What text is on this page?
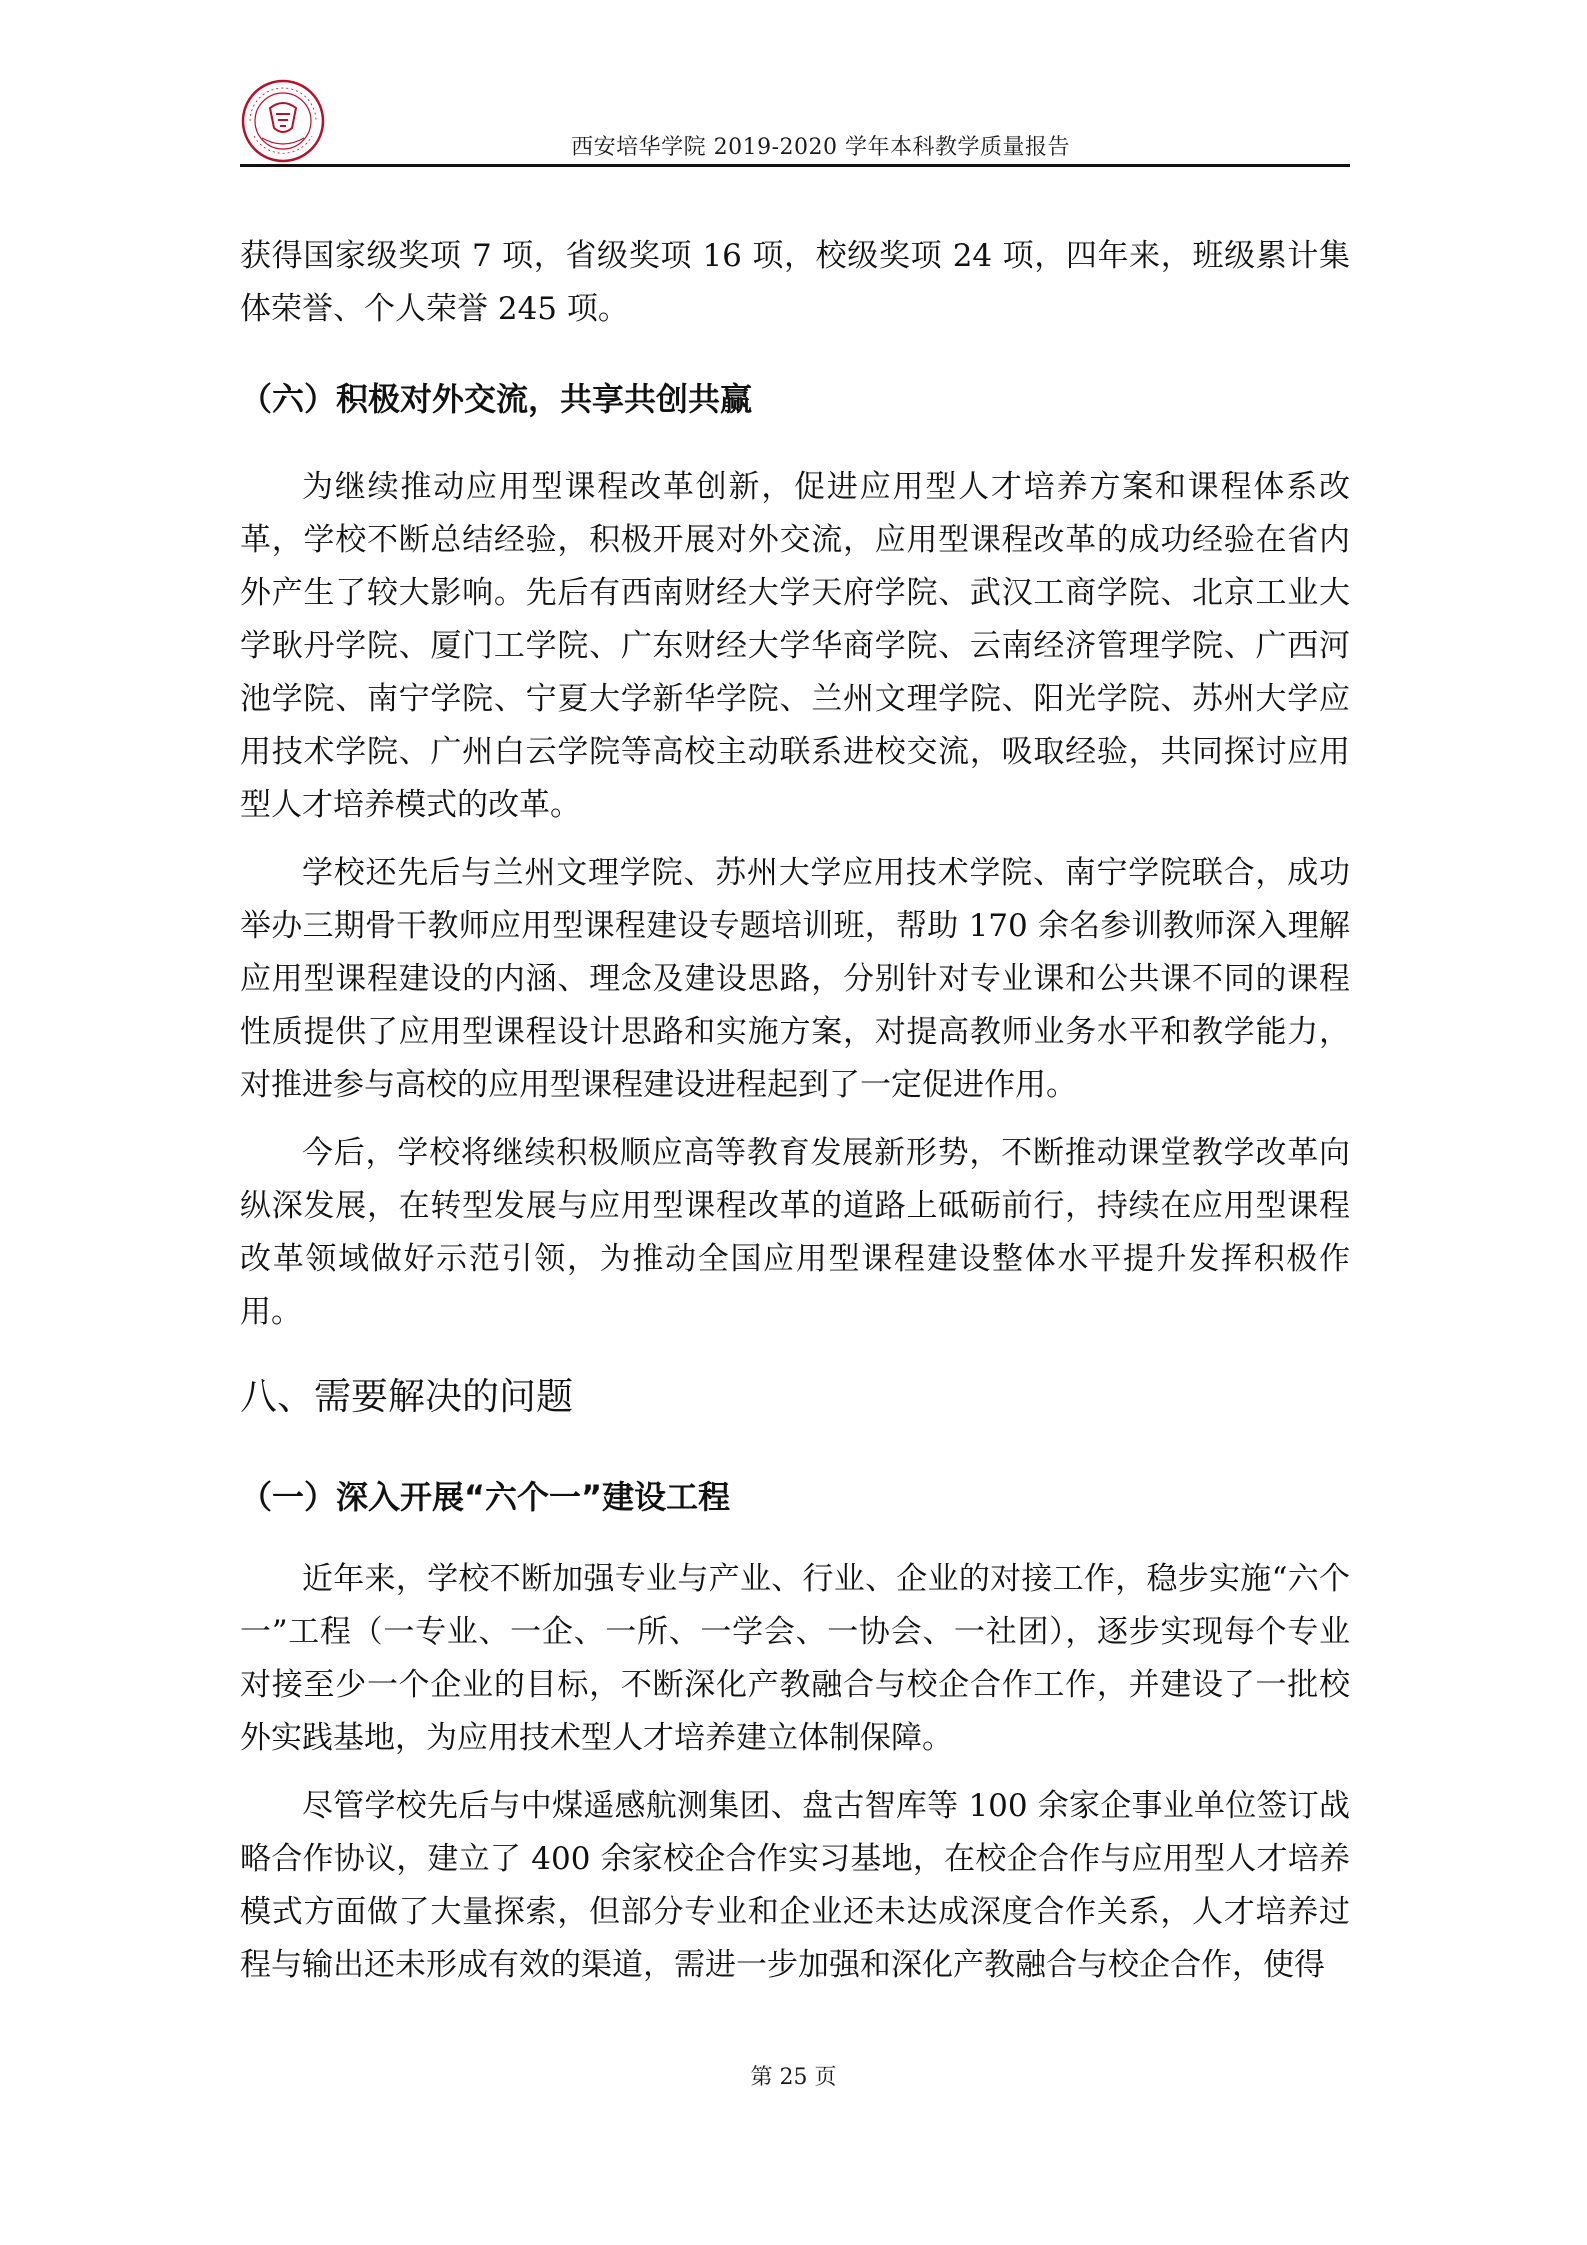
西安培华学院 2019-2020 学年本科教学质量报告

获得国家级奖项 7 项，省级奖项 16 项，校级奖项 24 项，四年来，班级累计集体荣誉、个人荣誉 245 项。

（六）积极对外交流，共享共创共赢

为继续推动应用型课程改革创新，促进应用型人才培养方案和课程体系改革，学校不断总结经验，积极开展对外交流，应用型课程改革的成功经验在省内外产生了较大影响。先后有西南财经大学天府学院、武汉工商学院、北京工业大学耿丹学院、厦门工学院、广东财经大学华商学院、云南经济管理学院、广西河池学院、南宁学院、宁夏大学新华学院、兰州文理学院、阳光学院、苏州大学应用技术学院、广州白云学院等高校主动联系进校交流，吸取经验，共同探讨应用型人才培养模式的改革。

学校还先后与兰州文理学院、苏州大学应用技术学院、南宁学院联合，成功举办三期骨干教师应用型课程建设专题培训班，帮助 170 余名参训教师深入理解应用型课程建设的内涵、理念及建设思路，分别针对专业课和公共课不同的课程性质提供了应用型课程设计思路和实施方案，对提高教师业务水平和教学能力，对推进参与高校的应用型课程建设进程起到了一定促进作用。

今后，学校将继续积极顺应高等教育发展新形势，不断推动课堂教学改革向纵深发展，在转型发展与应用型课程改革的道路上砥砺前行，持续在应用型课程改革领域做好示范引领，为推动全国应用型课程建设整体水平提升发挥积极作用。

八、需要解决的问题
（一）深入开展“六个一”建设工程

近年来，学校不断加强专业与产业、行业、企业的对接工作，稳步实施“六个一”工程（一专业、一企、一所、一学会、一协会、一社团），逐步实现每个专业对接至少一个企业的目标，不断深化产教融合与校企合作工作，并建设了一批校外实践基地，为应用技术型人才培养建立体制保障。

尽管学校先后与中煤遥感航测集团、盘古智库等 100 余家企事业单位签订战略合作协议，建立了 400 余家校企合作实习基地，在校企合作与应用型人才培养模式方面做了大量探索，但部分专业和企业还未达成深度合作关系，人才培养过程与输出还未形成有效的渠道，需进一步加强和深化产教融合与校企合作，使得

第 25 页
